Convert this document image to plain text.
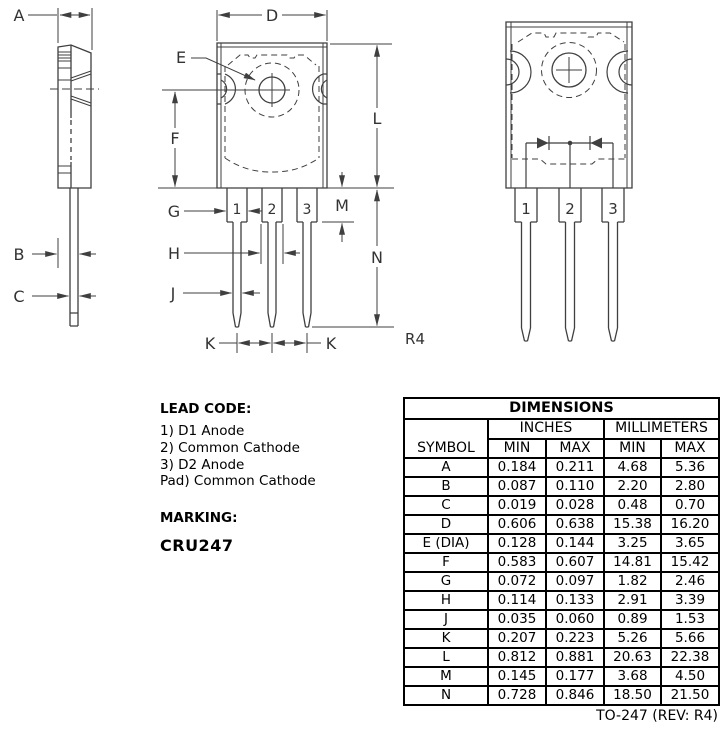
A
B
C
D
E
F
G
H
J
K	K
L
M
N
R4
1 2 3	1 2 3

LEAD CODE:

1) D1 Anode

2) Common Cathode

3) D2 Anode

Pad) Common Cathode

MARKING:

CRU247

DIMENSIONS				
SYMBOL	INCHES		MILLIMETERS	
	MIN	MAX	MIN	MAX
A	0.184	0.211	4.68	5.36
B	0.087	0.110	2.20	2.80
C	0.019	0.028	0.48	0.70
D	0.606	0.638	15.38	16.20
E (DIA)	0.128	0.144	3.25	3.65
F	0.583	0.607	14.81	15.42
G	0.072	0.097	1.82	2.46
H	0.114	0.133	2.91	3.39
J	0.035	0.060	0.89	1.53
K	0.207	0.223	5.26	5.66
L	0.812	0.881	20.63	22.38
M	0.145	0.177	3.68	4.50
N	0.728	0.846	18.50	21.50
TO-247 (REV: R4)
